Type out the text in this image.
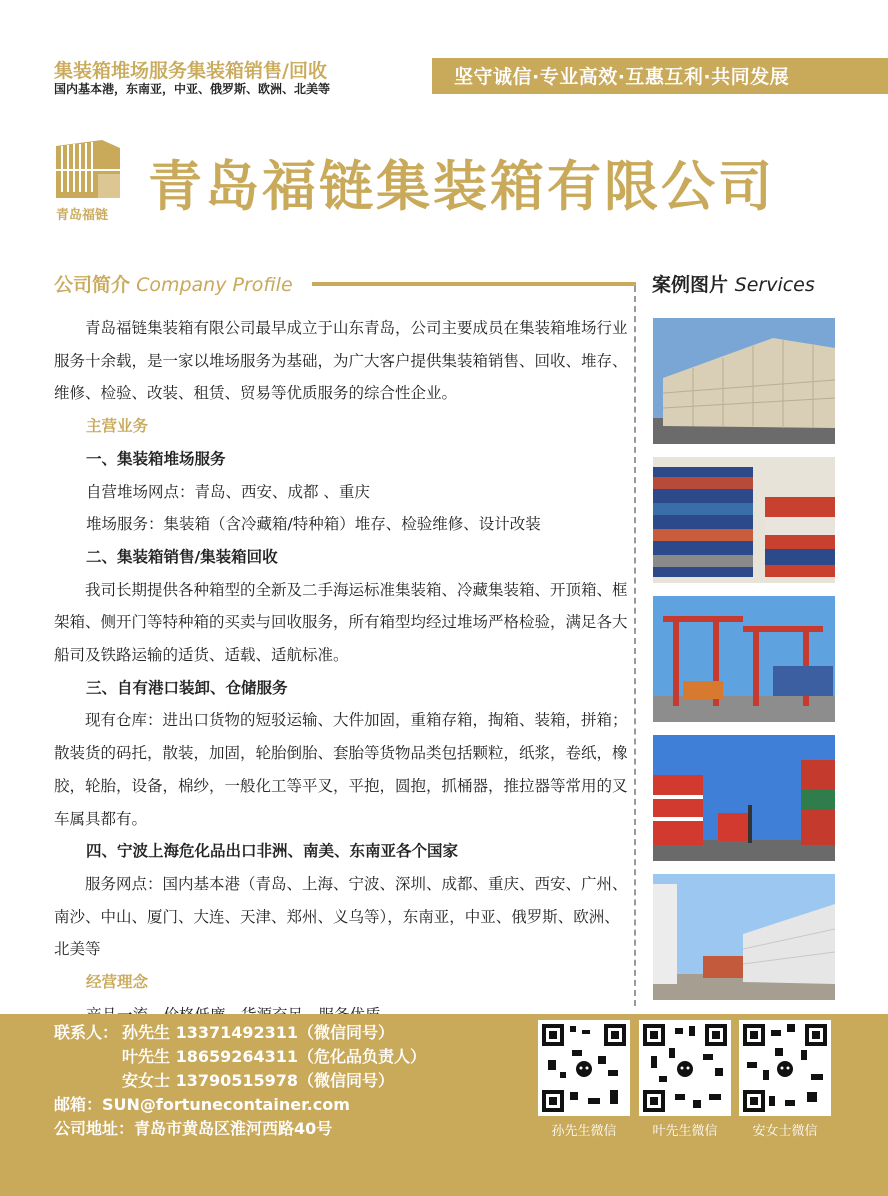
集装箱堆场服务集装箱销售/回收
国内基本港，东南亚，中亚、俄罗斯、欧洲、北美等
坚守诚信·专业高效·互惠互利·共同发展
青岛福链 青岛福链集装箱有限公司
公司简介 Company Profile	案例图片 Services

青岛福链集装箱有限公司最早成立于山东青岛，公司主要成员在集装箱堆场行业服务十余载，是一家以堆场服务为基础，为广大客户提供集装箱销售、回收、堆存、维修、检验、改装、租赁、贸易等优质服务的综合性企业。

主营业务

一、集装箱堆场服务

自营堆场网点：青岛、西安、成都 、重庆

堆场服务：集装箱（含冷藏箱/特种箱）堆存、检验维修、设计改装

二、集装箱销售/集装箱回收

我司长期提供各种箱型的全新及二手海运标准集装箱、冷藏集装箱、开顶箱、框架箱、侧开门等特种箱的买卖与回收服务，所有箱型均经过堆场严格检验，满足各大船司及铁路运输的适货、适载、适航标准。

三、自有港口装卸、仓储服务

现有仓库：进出口货物的短驳运输、大件加固，重箱存箱，掏箱、装箱，拼箱；散装货的码托，散装，加固，轮胎倒胎、套胎等货物品类包括颗粒，纸浆，卷纸，橡胶，轮胎，设备，棉纱，一般化工等平叉，平抱，圆抱，抓桶器，推拉器等常用的叉车属具都有。

四、宁波上海危化品出口非洲、南美、东南亚各个国家

服务网点：国内基本港（青岛、上海、宁波、深圳、成都、重庆、西安、广州、南沙、中山、厦门、大连、天津、郑州、义乌等），东南亚，中亚、俄罗斯、欧洲、北美等

经营理念

联系人： 孙先生 13371492311（微信同号）
叶先生 18659264311（危化品负责人）
安女士 13790515978（微信同号）
邮箱：SUN@fortunecontainer.com
公司地址：青岛市黄岛区淮河西路40号	孙先生微信	叶先生微信	安女士微信
